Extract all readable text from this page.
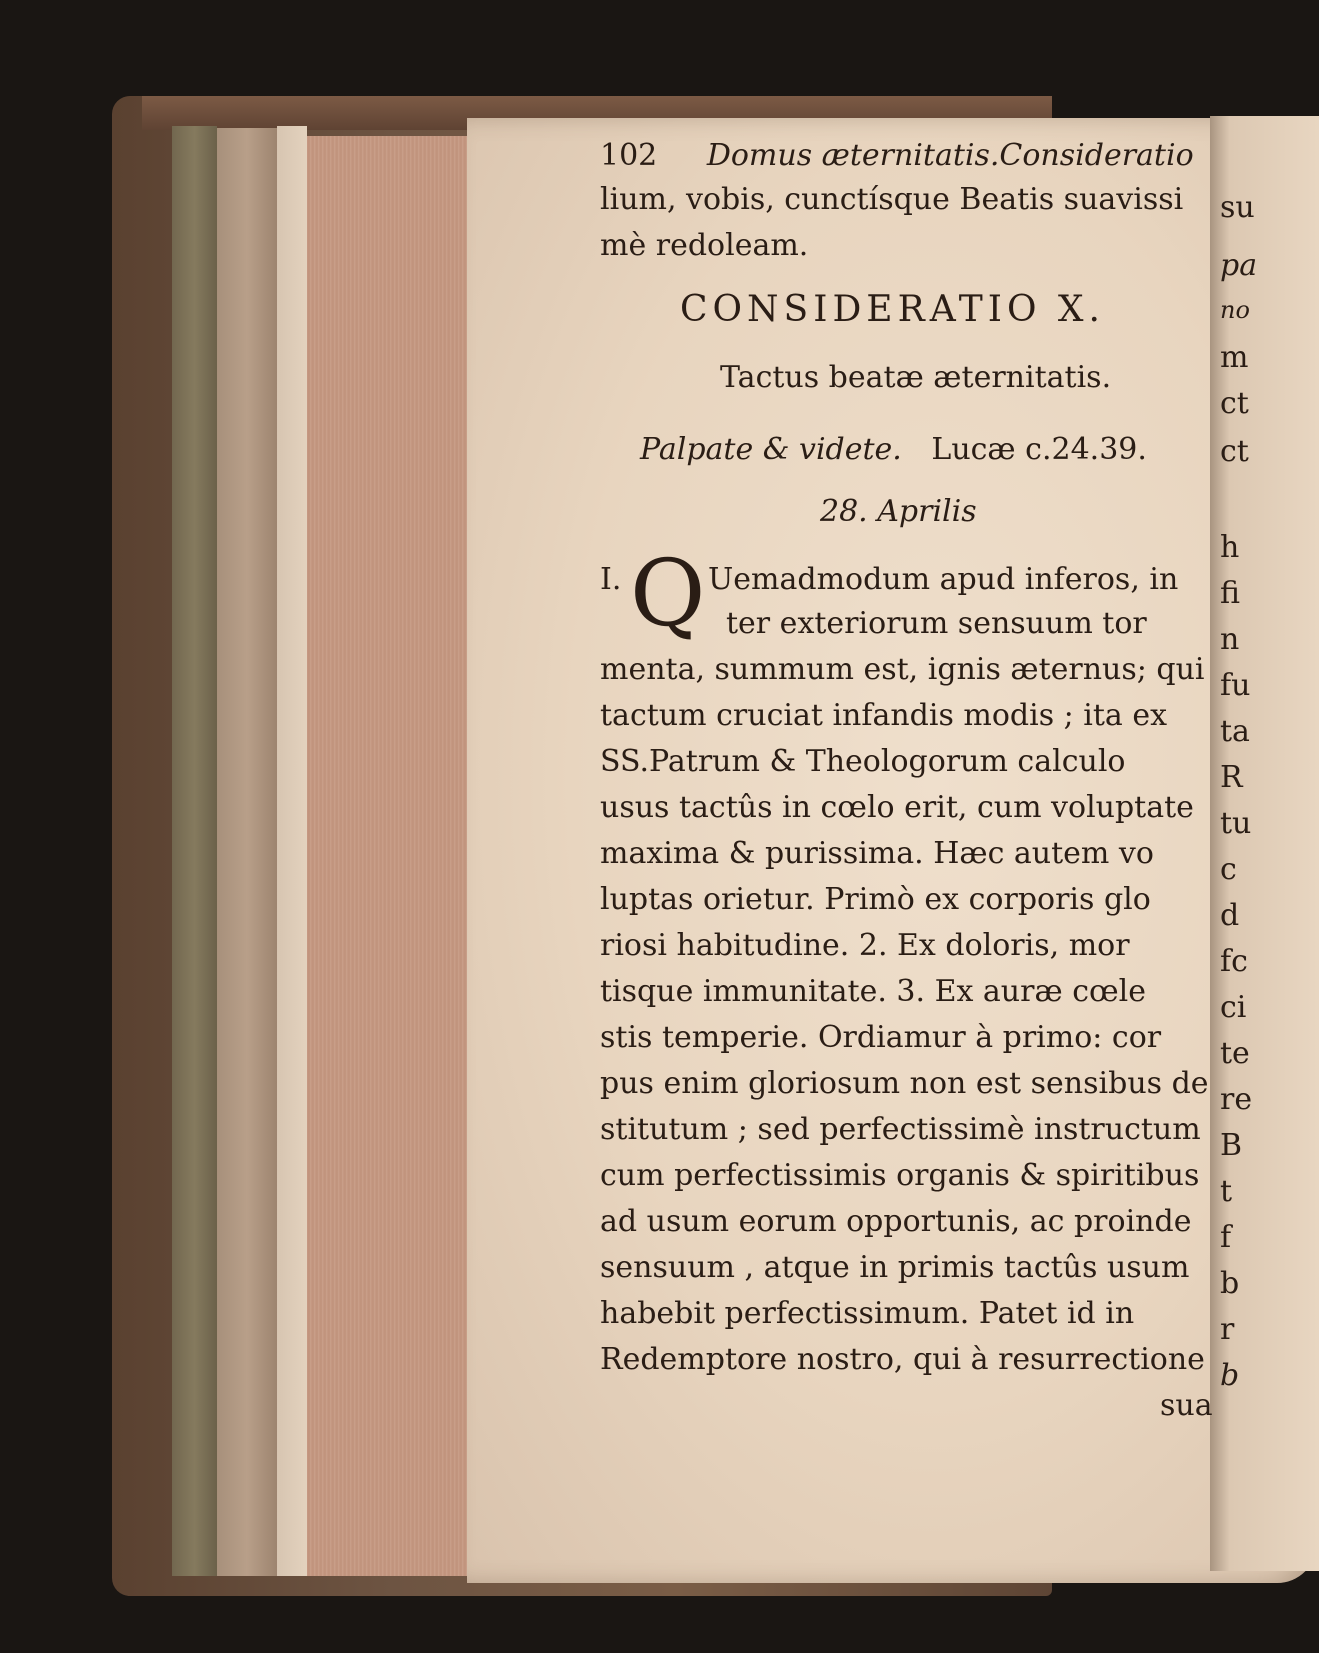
102 Domus æternitatis.Consideratio
lium, vobis, cunctísque Beatis suavissi
mè redoleam.
CONSIDERATIO X.
Tactus beatæ æternitatis.
Palpate & videte. Lucæ c.24.39.
28. Aprilis
I. Q Uemadmodum apud inferos, in
ter exteriorum sensuum tor
menta, summum est, ignis æternus; qui
tactum cruciat infandis modis ; ita ex
SS.Patrum & Theologorum calculo
usus tactûs in cœlo erit, cum voluptate
maxima & purissima. Hæc autem vo
luptas orietur. Primò ex corporis glo
riosi habitudine. 2. Ex doloris, mor
tisque immunitate. 3. Ex auræ cœle
stis temperie. Ordiamur à primo: cor
pus enim gloriosum non est sensibus de
stitutum ; sed perfectissimè instructum
cum perfectissimis organis & spiritibus
ad usum eorum opportunis, ac proinde
sensuum , atque in primis tactûs usum
habebit perfectissimum. Patet id in
Redemptore nostro, qui à resurrectione
sua
su
pa
no
m
ct
ct
h
fi
n
fu
ta
R
tu
c
d
fc
ci
te
re
B
t
f
b
r
b
